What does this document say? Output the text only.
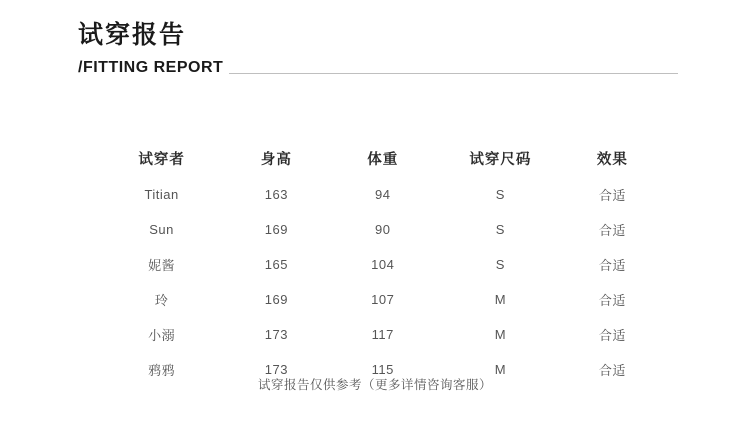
试穿报告
/FITTING REPORT
试穿者	身高	体重	试穿尺码	效果
Titian	163	94	S	合适
Sun	169	90	S	合适
妮酱	165	104	S	合适
玲	169	107	M	合适
小溺	173	117	M	合适
鸦鸦	173	115	M	合适
试穿报告仅供参考（更多详情咨询客服）
